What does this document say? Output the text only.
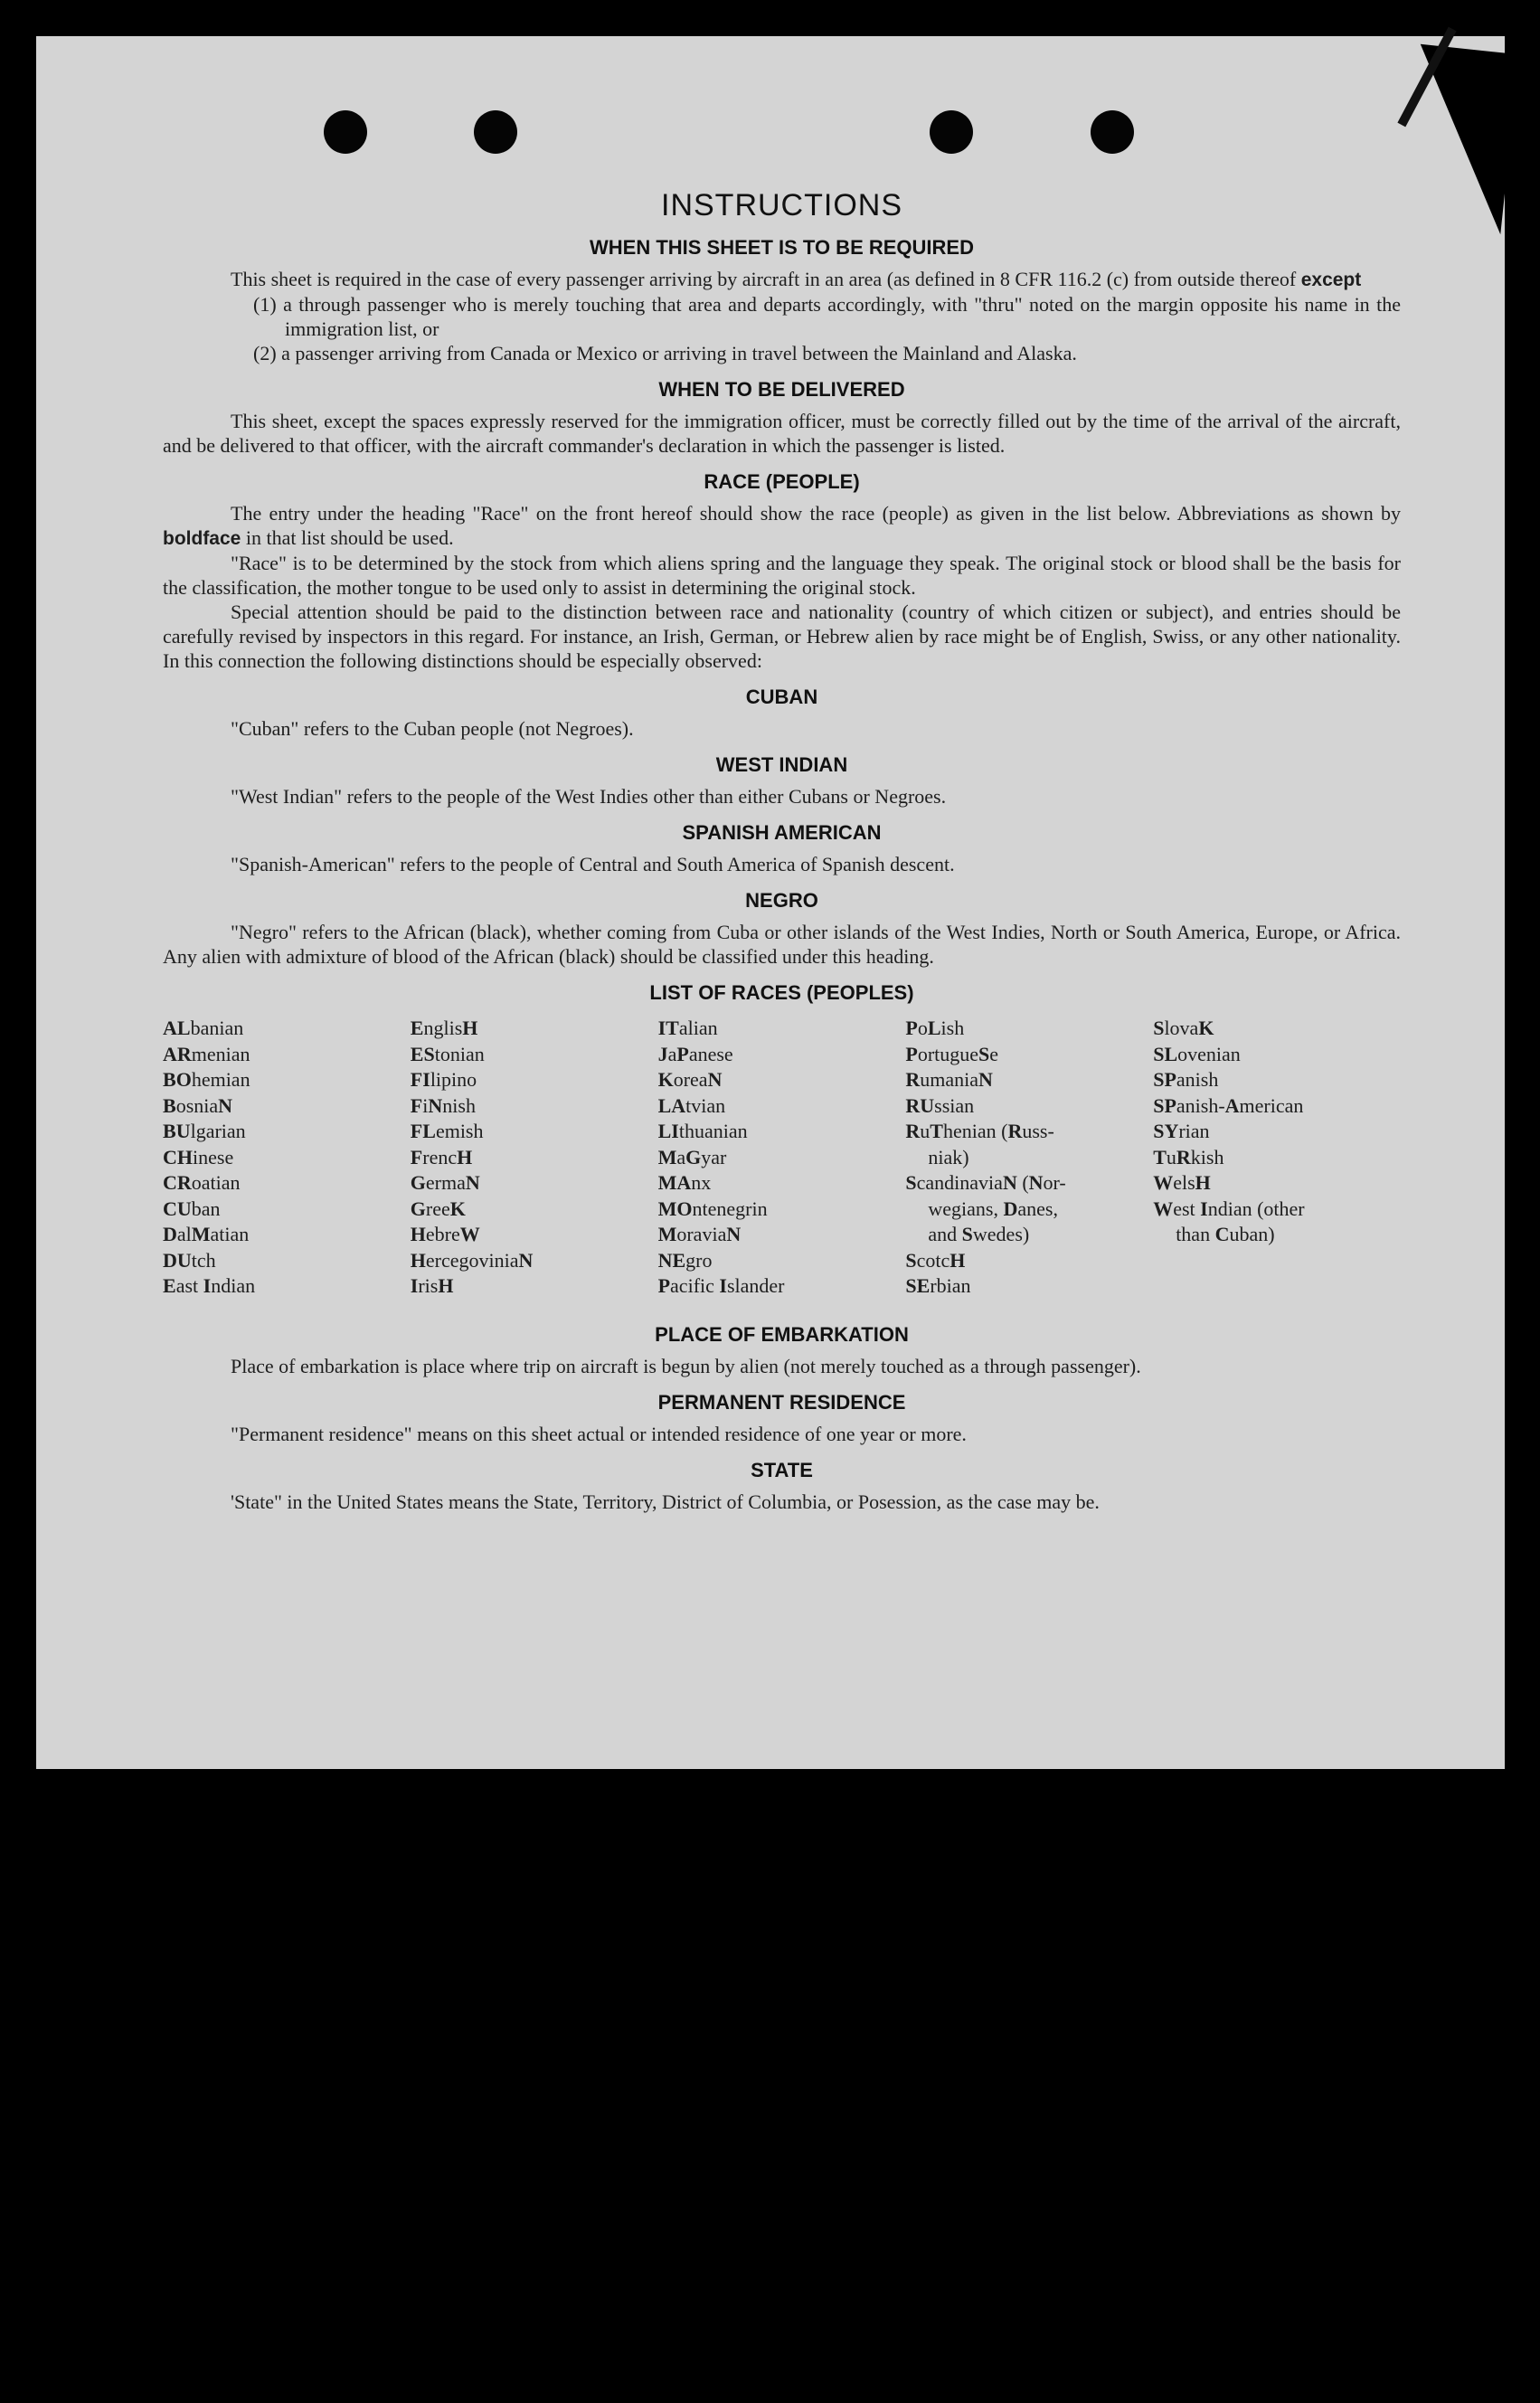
INSTRUCTIONS
WHEN THIS SHEET IS TO BE REQUIRED

This sheet is required in the case of every passenger arriving by aircraft in an area (as defined in 8 CFR 116.2 (c) from outside thereof except

(1) a through passenger who is merely touching that area and departs accordingly, with "thru" noted on the margin opposite his name in the immigration list, or
(2) a passenger arriving from Canada or Mexico or arriving in travel between the Mainland and Alaska.
WHEN TO BE DELIVERED

This sheet, except the spaces expressly reserved for the immigration officer, must be correctly filled out by the time of the arrival of the aircraft, and be delivered to that officer, with the aircraft commander's declaration in which the passenger is listed.

RACE (PEOPLE)

The entry under the heading "Race" on the front hereof should show the race (people) as given in the list below. Abbreviations as shown by boldface in that list should be used.

"Race" is to be determined by the stock from which aliens spring and the language they speak. The original stock or blood shall be the basis for the classification, the mother tongue to be used only to assist in determining the original stock.

Special attention should be paid to the distinction between race and nationality (country of which citizen or subject), and entries should be carefully revised by inspectors in this regard. For instance, an Irish, German, or Hebrew alien by race might be of English, Swiss, or any other nationality. In this connection the following distinctions should be especially observed:

CUBAN

"Cuban" refers to the Cuban people (not Negroes).

WEST INDIAN

"West Indian" refers to the people of the West Indies other than either Cubans or Negroes.

SPANISH AMERICAN

"Spanish-American" refers to the people of Central and South America of Spanish descent.

NEGRO

"Negro" refers to the African (black), whether coming from Cuba or other islands of the West Indies, North or South America, Europe, or Africa. Any alien with admixture of blood of the African (black) should be classified under this heading.

LIST OF RACES (PEOPLES)
ALbanian
ARmenian
BOhemian
BosniaN
BUlgarian
CHinese
CRoatian
CUban
DalMatian
DUtch
East Indian
EnglisH
EStonian
FIlipino
FiNnish
FLemish
FrencH
GermaN
GreeK
HebreW
HercegoviniaN
IrisH
ITalian
JaPanese
KoreaN
LAtvian
LIthuanian
MaGyar
MAnx
MOntenegrin
MoraviaN
NEgro
Pacific Islander
PoLish
PortugueSe
RumaniaN
RUssian
RuThenian (Russ-
niak)
ScandinaviaN (Nor-
wegians, Danes,
and Swedes)
ScotcH
SErbian
SlovaK
SLovenian
SPanish
SPanish-American
SYrian
TuRkish
WelsH
West Indian (other
than Cuban)
PLACE OF EMBARKATION

Place of embarkation is place where trip on aircraft is begun by alien (not merely touched as a through passenger).

PERMANENT RESIDENCE

"Permanent residence" means on this sheet actual or intended residence of one year or more.

STATE

'State" in the United States means the State, Territory, District of Columbia, or Posession, as the case may be.
